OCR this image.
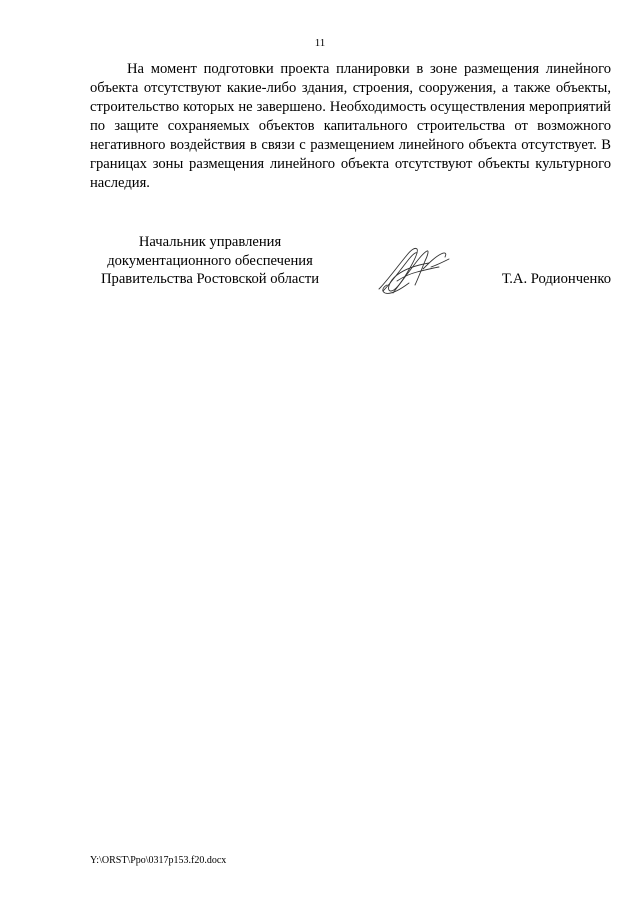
11

На момент подготовки проекта планировки в зоне размещения линейного объекта отсутствуют какие-либо здания, строения, сооружения, а также объекты, строительство которых не завершено. Необходимость осуществления мероприятий по защите сохраняемых объектов капитального строительства от возможного негативного воздействия в связи с размещением линейного объекта отсутствует. В границах зоны размещения линейного объекта отсутствуют объекты культурного наследия.

Начальник управления
документационного обеспечения
Правительства Ростовской области	Т.А. Родионченко
Y:\ORST\Ppo\0317p153.f20.docx
